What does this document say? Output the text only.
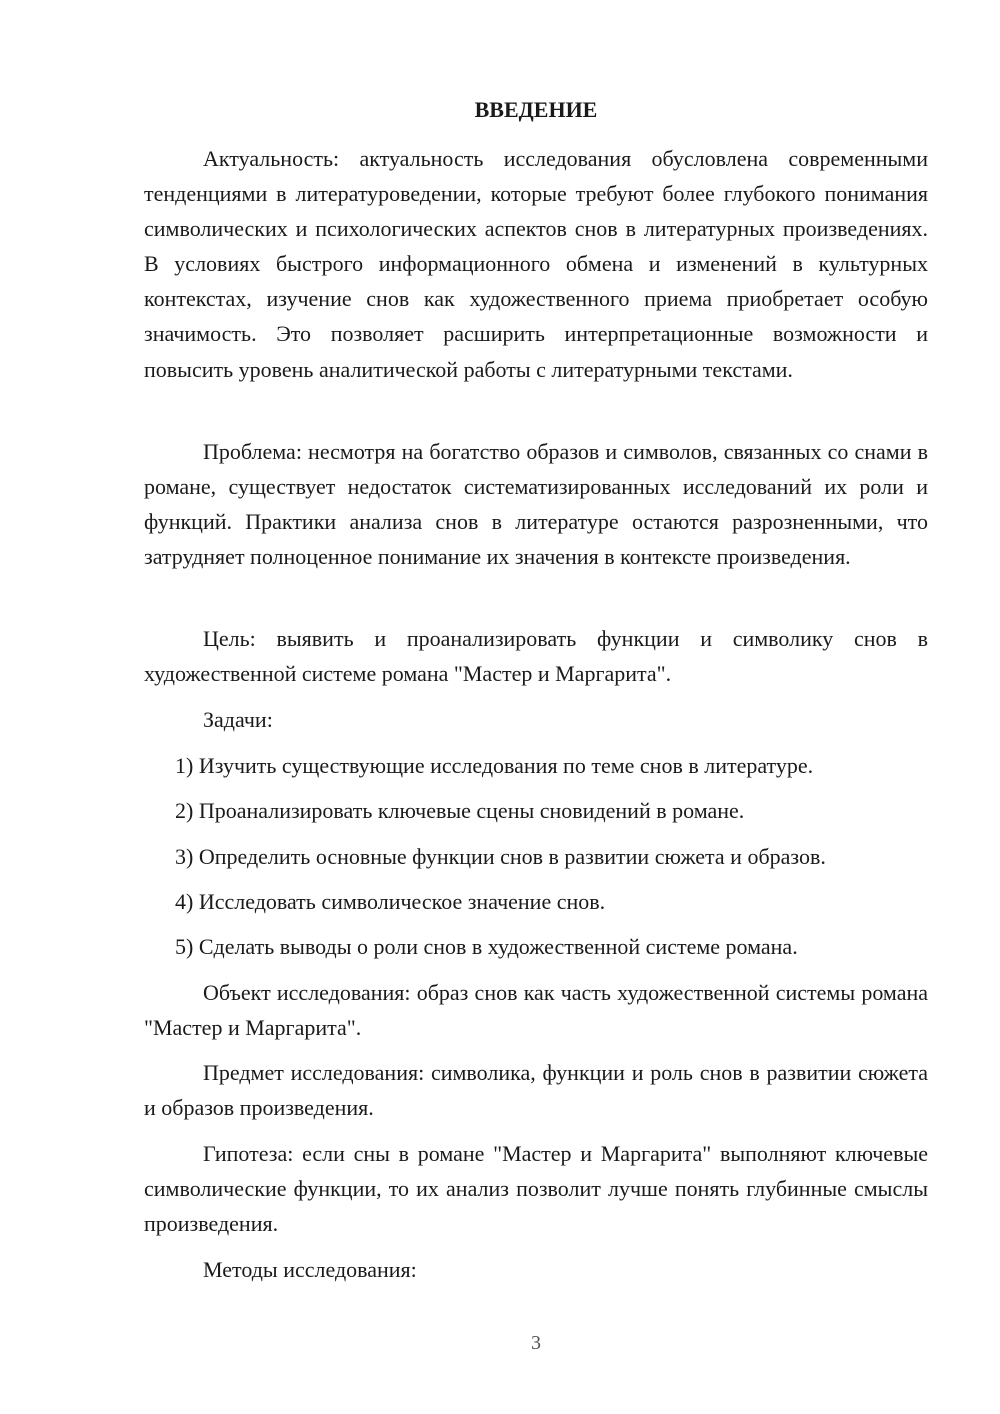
ВВЕДЕНИЕ

Актуальность: актуальность исследования обусловлена современными тенденциями в литературоведении, которые требуют более глубокого понимания символических и психологических аспектов снов в литературных произведениях. В условиях быстрого информационного обмена и изменений в культурных контекстах, изучение снов как художественного приема приобретает особую значимость. Это позволяет расширить интерпретационные возможности и повысить уровень аналитической работы с литературными текстами.

Проблема: несмотря на богатство образов и символов, связанных со снами в романе, существует недостаток систематизированных исследований их роли и функций. Практики анализа снов в литературе остаются разрозненными, что затрудняет полноценное понимание их значения в контексте произведения.

Цель: выявить и проанализировать функции и символику снов в художественной системе романа "Мастер и Маргарита".

Задачи:

1) Изучить существующие исследования по теме снов в литературе.

2) Проанализировать ключевые сцены сновидений в романе.

3) Определить основные функции снов в развитии сюжета и образов.

4) Исследовать символическое значение снов.

5) Сделать выводы о роли снов в художественной системе романа.

Объект исследования: образ снов как часть художественной системы романа "Мастер и Маргарита".

Предмет исследования: символика, функции и роль снов в развитии сюжета и образов произведения.

Гипотеза: если сны в романе "Мастер и Маргарита" выполняют ключевые символические функции, то их анализ позволит лучше понять глубинные смыслы произведения.

Методы исследования:

3
